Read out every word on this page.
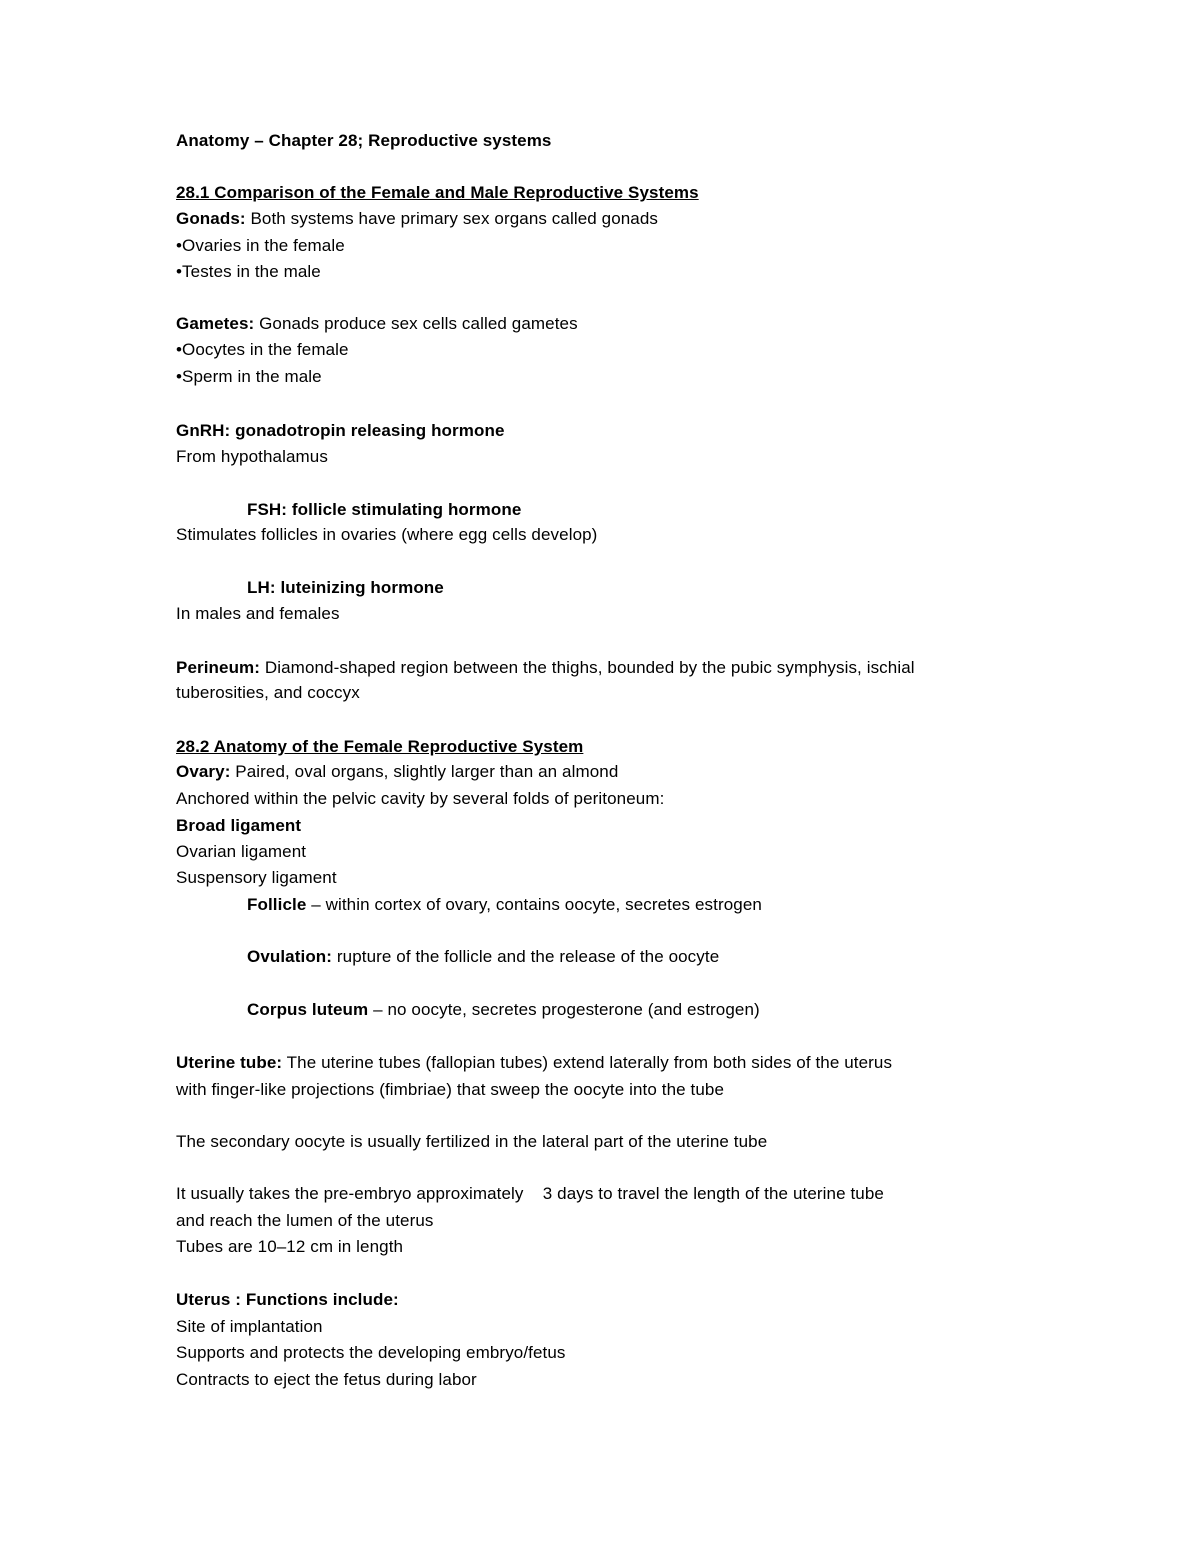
Anatomy – Chapter 28; Reproductive systems
28.1 Comparison of the Female and Male Reproductive Systems
Gonads: Both systems have primary sex organs called gonads
•Ovaries in the female
•Testes in the male
Gametes: Gonads produce sex cells called gametes
•Oocytes in the female
•Sperm in the male
GnRH: gonadotropin releasing hormone
From hypothalamus
FSH: follicle stimulating hormone
Stimulates follicles in ovaries (where egg cells develop)
LH: luteinizing hormone
In males and females
Perineum: Diamond-shaped region between the thighs, bounded by the pubic symphysis, ischial
tuberosities, and coccyx
28.2 Anatomy of the Female Reproductive System
Ovary: Paired, oval organs, slightly larger than an almond
Anchored within the pelvic cavity by several folds of peritoneum:
Broad ligament
Ovarian ligament
Suspensory ligament
Follicle – within cortex of ovary, contains oocyte, secretes estrogen
Ovulation: rupture of the follicle and the release of the oocyte
Corpus luteum – no oocyte, secretes progesterone (and estrogen)
Uterine tube: The uterine tubes (fallopian tubes) extend laterally from both sides of the uterus
with finger-like projections (fimbriae) that sweep the oocyte into the tube
The secondary oocyte is usually fertilized in the lateral part of the uterine tube
It usually takes the pre-embryo approximately    3 days to travel the length of the uterine tube
and reach the lumen of the uterus
Tubes are 10–12 cm in length
Uterus : Functions include:
Site of implantation
Supports and protects the developing embryo/fetus
Contracts to eject the fetus during labor
